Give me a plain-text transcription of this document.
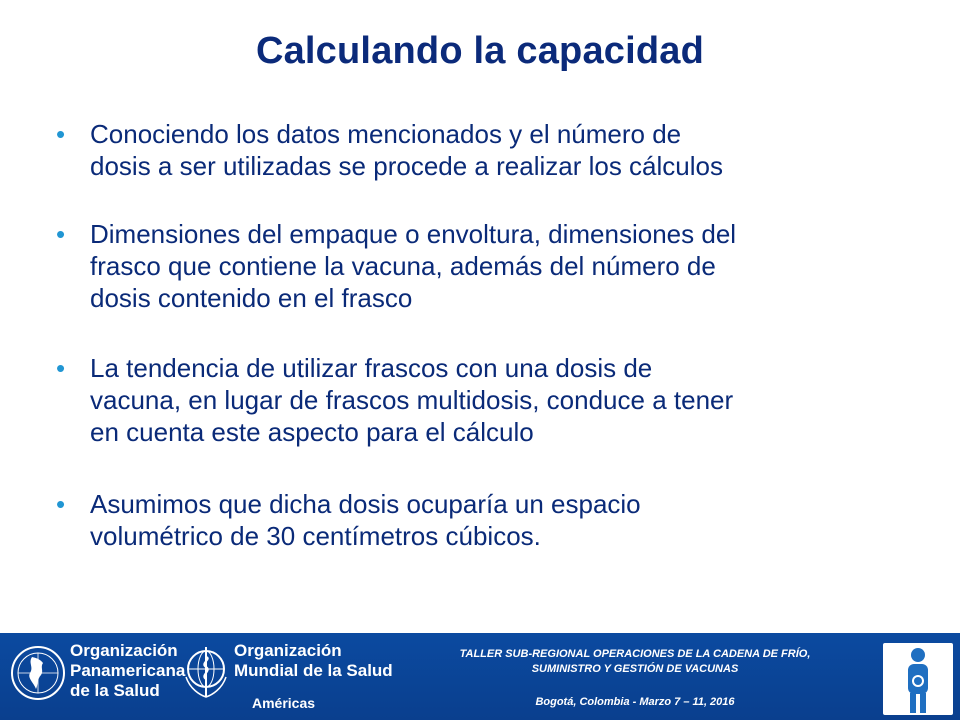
Calculando la capacidad
• Conociendo los datos mencionados y el número de
dosis a ser utilizadas se procede a realizar los cálculos
• Dimensiones del empaque o envoltura, dimensiones del
frasco que contiene la vacuna, además del número de
dosis contenido en el frasco
• La tendencia de utilizar frascos con una dosis de
vacuna, en lugar de frascos multidosis, conduce a tener
en cuenta este aspecto para el cálculo
• Asumimos que dicha dosis ocuparía un espacio
volumétrico de 30 centímetros cúbicos.
Organización
Panamericana
de la Salud
Organización
Mundial de la Salud
Américas
TALLER SUB-REGIONAL OPERACIONES DE LA CADENA DE FRÍO,
SUMINISTRO Y GESTIÓN DE VACUNAS
Bogotá, Colombia - Marzo 7 – 11, 2016
